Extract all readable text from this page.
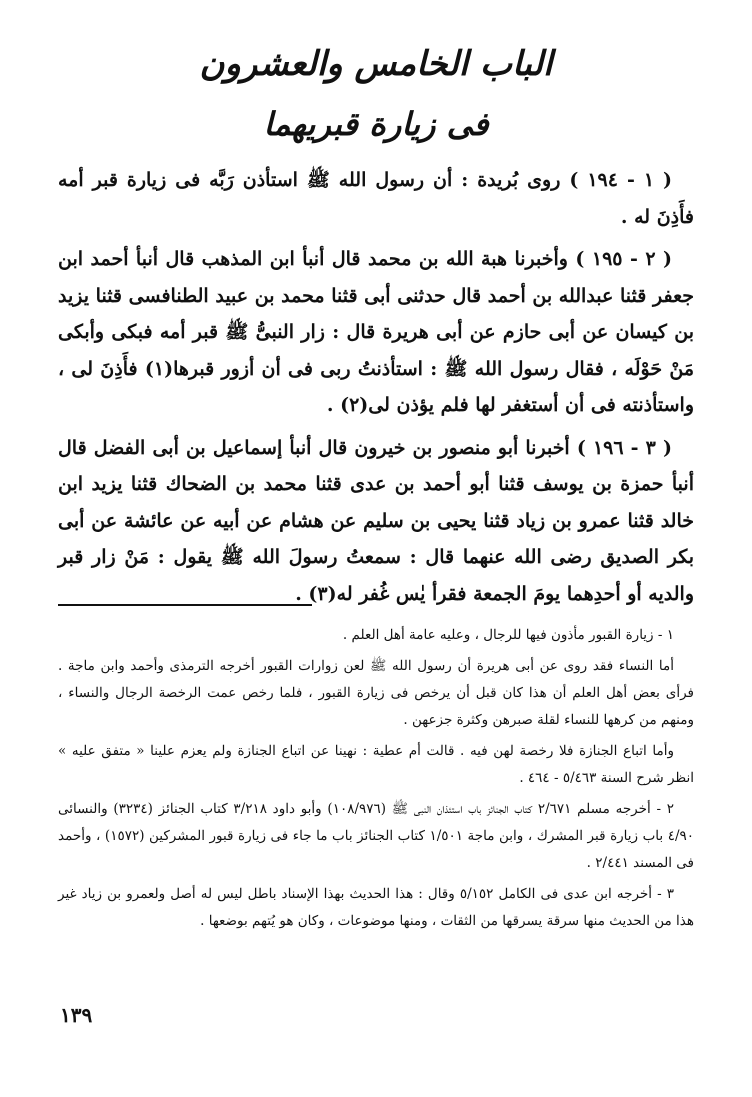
الباب الخامس والعشرون
فى زيارة قبريهما

( ١ - ١٩٤ ) روى بُريدة : أن رسول الله ﷺ استأذن رَبَّه فى زيارة قبر أمه فأَذِنَ له .

( ٢ - ١٩٥ ) وأخبرنا هبة الله بن محمد قال أنبأ ابن المذهب قال أنبأ أحمد ابن جعفر قثنا عبدالله بن أحمد قال حدثنى أبى قثنا محمد بن عبيد الطنافسى قثنا يزيد بن كيسان عن أبى حازم عن أبى هريرة قال : زار النبىُّ ﷺ قبر أمه فبكى وأبكى مَنْ حَوْلَه ، فقال رسول الله ﷺ : استأذنتُ ربى فى أن أزور قبرها(١) فأَذِنَ لى ، واستأذنته فى أن أستغفر لها فلم يؤذن لى(٢) .

( ٣ - ١٩٦ ) أخبرنا أبو منصور بن خيرون قال أنبأ إسماعيل بن أبى الفضل قال أنبأ حمزة بن يوسف قثنا أبو أحمد بن عدى قثنا محمد بن الضحاك قثنا يزيد ابن خالد قثنا عمرو بن زياد قثنا يحيى بن سليم عن هشام عن أبيه عن عائشة عن أبى بكر الصديق رضى الله عنهما قال : سمعتُ رسولَ الله ﷺ يقول : مَنْ زار قبر والديه أو أحدِهما يومَ الجمعة فقرأ يٰس غُفر له(٣) .

١ - زيارة القبور مأذون فيها للرجال ، وعليه عامة أهل العلم .

أما النساء فقد روى عن أبى هريرة أن رسول الله ﷺ لعن زوارات القبور أخرجه الترمذى وأحمد وابن ماجة . فرأى بعض أهل العلم أن هذا كان قبل أن يرخص فى زيارة القبور ، فلما رخص عمت الرخصة الرجال والنساء ، ومنهم من كرهها للنساء لقلة صبرهن وكثرة جزعهن .

وأما اتباع الجنازة فلا رخصة لهن فيه . قالت أم عطية : نهينا عن اتباع الجنازة ولم يعزم علينا « متفق عليه » انظر شرح السنة ٥/٤٦٣ - ٤٦٤ .

٢ - أخرجه مسلم ٢/٦٧١ كتاب الجنائز باب استئذان النبى ﷺ (١٠٨/٩٧٦) وأبو داود ٣/٢١٨ كتاب الجنائز (٣٢٣٤) والنسائى ٤/٩٠ باب زيارة قبر المشرك ، وابن ماجة ١/٥٠١ كتاب الجنائز باب ما جاء فى زيارة قبور المشركين (١٥٧٢) ، وأحمد فى المسند ٢/٤٤١ .

٣ - أخرجه ابن عدى فى الكامل ٥/١٥٢ وقال : هذا الحديث بهذا الإسناد باطل ليس له أصل ولعمرو بن زياد غير هذا من الحديث منها سرقة يسرقها من الثقات ، ومنها موضوعات ، وكان هو يُتهم بوضعها .

١٣٩
